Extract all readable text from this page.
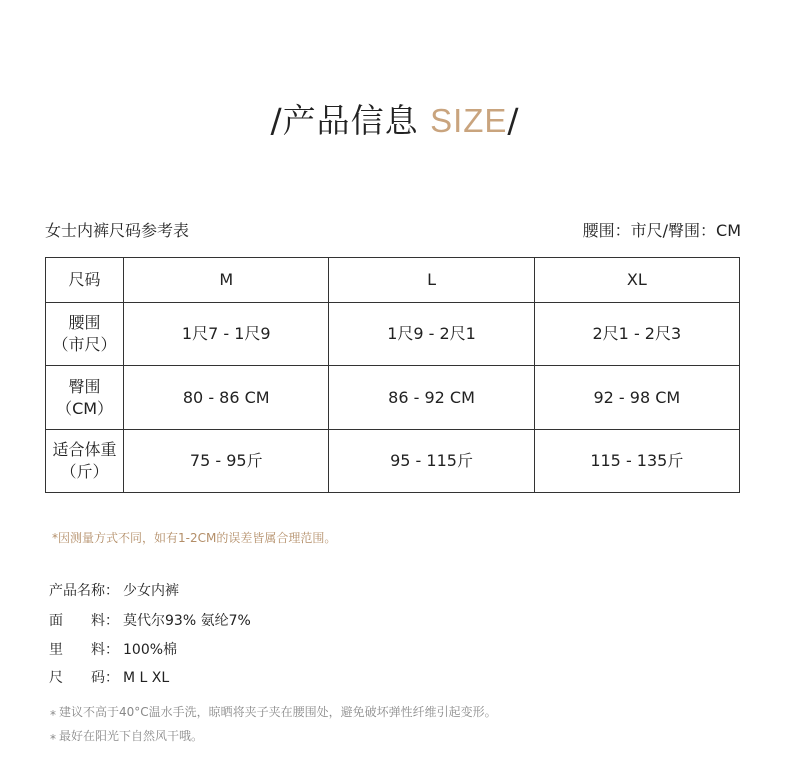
/产品信息 SIZE/
女士内裤尺码参考表	腰围：市尺/臀围：CM
尺码	M	L	XL

腰围
（市尺）	1尺7 - 1尺9	1尺9 - 2尺1	2尺1 - 2尺3

臀围
（CM）	80 - 86 CM	86 - 92 CM	92 - 98 CM

适合体重
（斤）	75 - 95斤	95 - 115斤	115 - 135斤
*因测量方式不同，如有1-2CM的误差皆属合理范围。
产品名称： 少女内裤
面　　料： 莫代尔93% 氨纶7%
里　　料： 100%棉
尺　　码： M L XL
* 建议不高于40°C温水手洗，晾晒将夹子夹在腰围处，避免破坏弹性纤维引起变形。
* 最好在阳光下自然风干哦。
